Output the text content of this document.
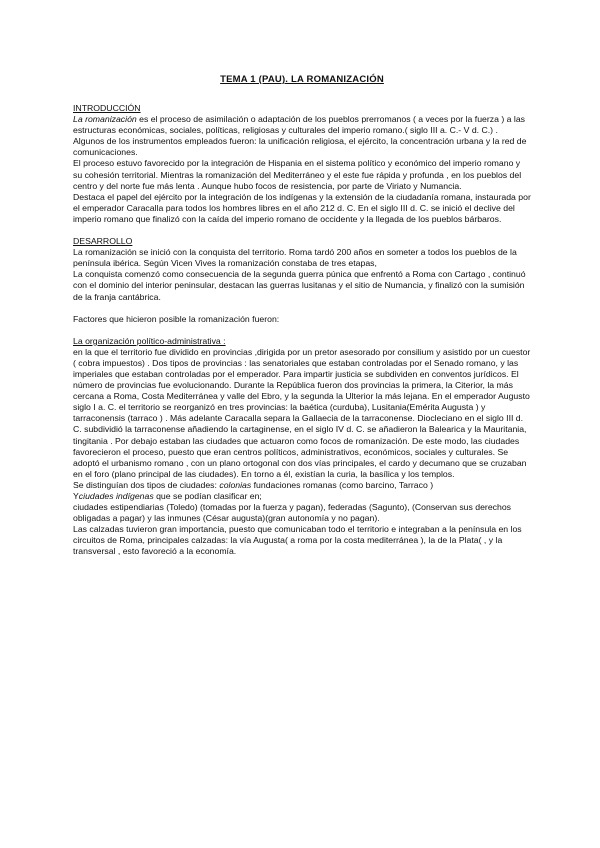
TEMA 1 (PAU). LA ROMANIZACIÓN

INTRODUCCIÓN

La romanización es el proceso de asimilación o adaptación de los pueblos prerromanos ( a veces por la fuerza ) a las estructuras económicas, sociales, políticas, religiosas y culturales del imperio romano.( siglo III a. C.- V d. C.) . Algunos de los instrumentos empleados fueron: la unificación religiosa, el ejército, la concentración urbana y la red de comunicaciones.

El proceso estuvo favorecido por la integración de Hispania en el sistema político y económico del imperio romano y su cohesión territorial. Mientras la romanización del Mediterráneo y el este fue rápida y profunda , en los pueblos del centro y del norte fue más lenta . Aunque hubo focos de resistencia, por parte de Viriato y Numancia.

Destaca el papel del ejército por la integración de los indígenas y la extensión de la ciudadanía romana, instaurada por el emperador Caracalla para todos los hombres libres en el año 212 d. C. En el siglo III d. C. se inició el declive del imperio romano que finalizó con la caída del imperio romano de occidente y la llegada de los pueblos bárbaros.

DESARROLLO

La romanización se inició con la conquista del territorio. Roma tardó 200 años en someter a todos los pueblos de la península ibérica. Según Vicen Vives la romanización constaba de tres etapas,

La conquista comenzó como consecuencia de la segunda guerra púnica que enfrentó a Roma con Cartago , continuó con el dominio del interior peninsular, destacan las guerras lusitanas y el sitio de Numancia, y finalizó con la sumisión de la franja cantábrica.

Factores que hicieron posible la romanización fueron:

La organización político-administrativa :

en la que el territorio fue dividido en provincias ,dirigida por un pretor asesorado por consilium y asistido por un cuestor ( cobra impuestos) . Dos tipos de provincias : las senatoriales que estaban controladas por el Senado romano, y las imperiales que estaban controladas por el emperador. Para impartir justicia se subdividen en conventos jurídicos. El número de provincias fue evolucionando. Durante la República fueron dos provincias la primera, la Citerior, la más cercana a Roma, Costa Mediterránea y valle del Ebro, y la segunda la Ulterior la más lejana. En el emperador Augusto siglo I a. C. el territorio se reorganizó en tres provincias: la baética (curduba), Lusitania(Emérita Augusta ) y tarraconensis (tarraco ) . Más adelante Caracalla separa la Gallaecia de la tarraconense. Diocleciano en el siglo III d. C. subdividió la tarraconense añadiendo la cartaginense, en el siglo IV d. C. se añadieron la Balearica y la Mauritania, tingitania . Por debajo estaban las ciudades que actuaron como focos de romanización. De este modo, las ciudades favorecieron el proceso, puesto que eran centros políticos, administrativos, económicos, sociales y culturales. Se adoptó el urbanismo romano , con un plano ortogonal con dos vías principales, el cardo y decumano que se cruzaban en el foro (plano principal de las ciudades). En torno a él, existían la curia, la basílica y los templos.

Se distinguían dos tipos de ciudades: colonias fundaciones romanas (como barcino, Tarraco )

Yciudades indígenas que se podían clasificar en;

ciudades estipendiarias (Toledo) (tomadas por la fuerza y pagan), federadas (Sagunto), (Conservan sus derechos obligadas a pagar) y las inmunes (César augusta)(gran autonomía y no pagan).

Las calzadas tuvieron gran importancia, puesto que comunicaban todo el territorio e integraban a la península en los circuitos de Roma, principales calzadas: la vía Augusta( a roma por la costa mediterránea ), la de la Plata( , y la transversal , esto favoreció a la economía.
